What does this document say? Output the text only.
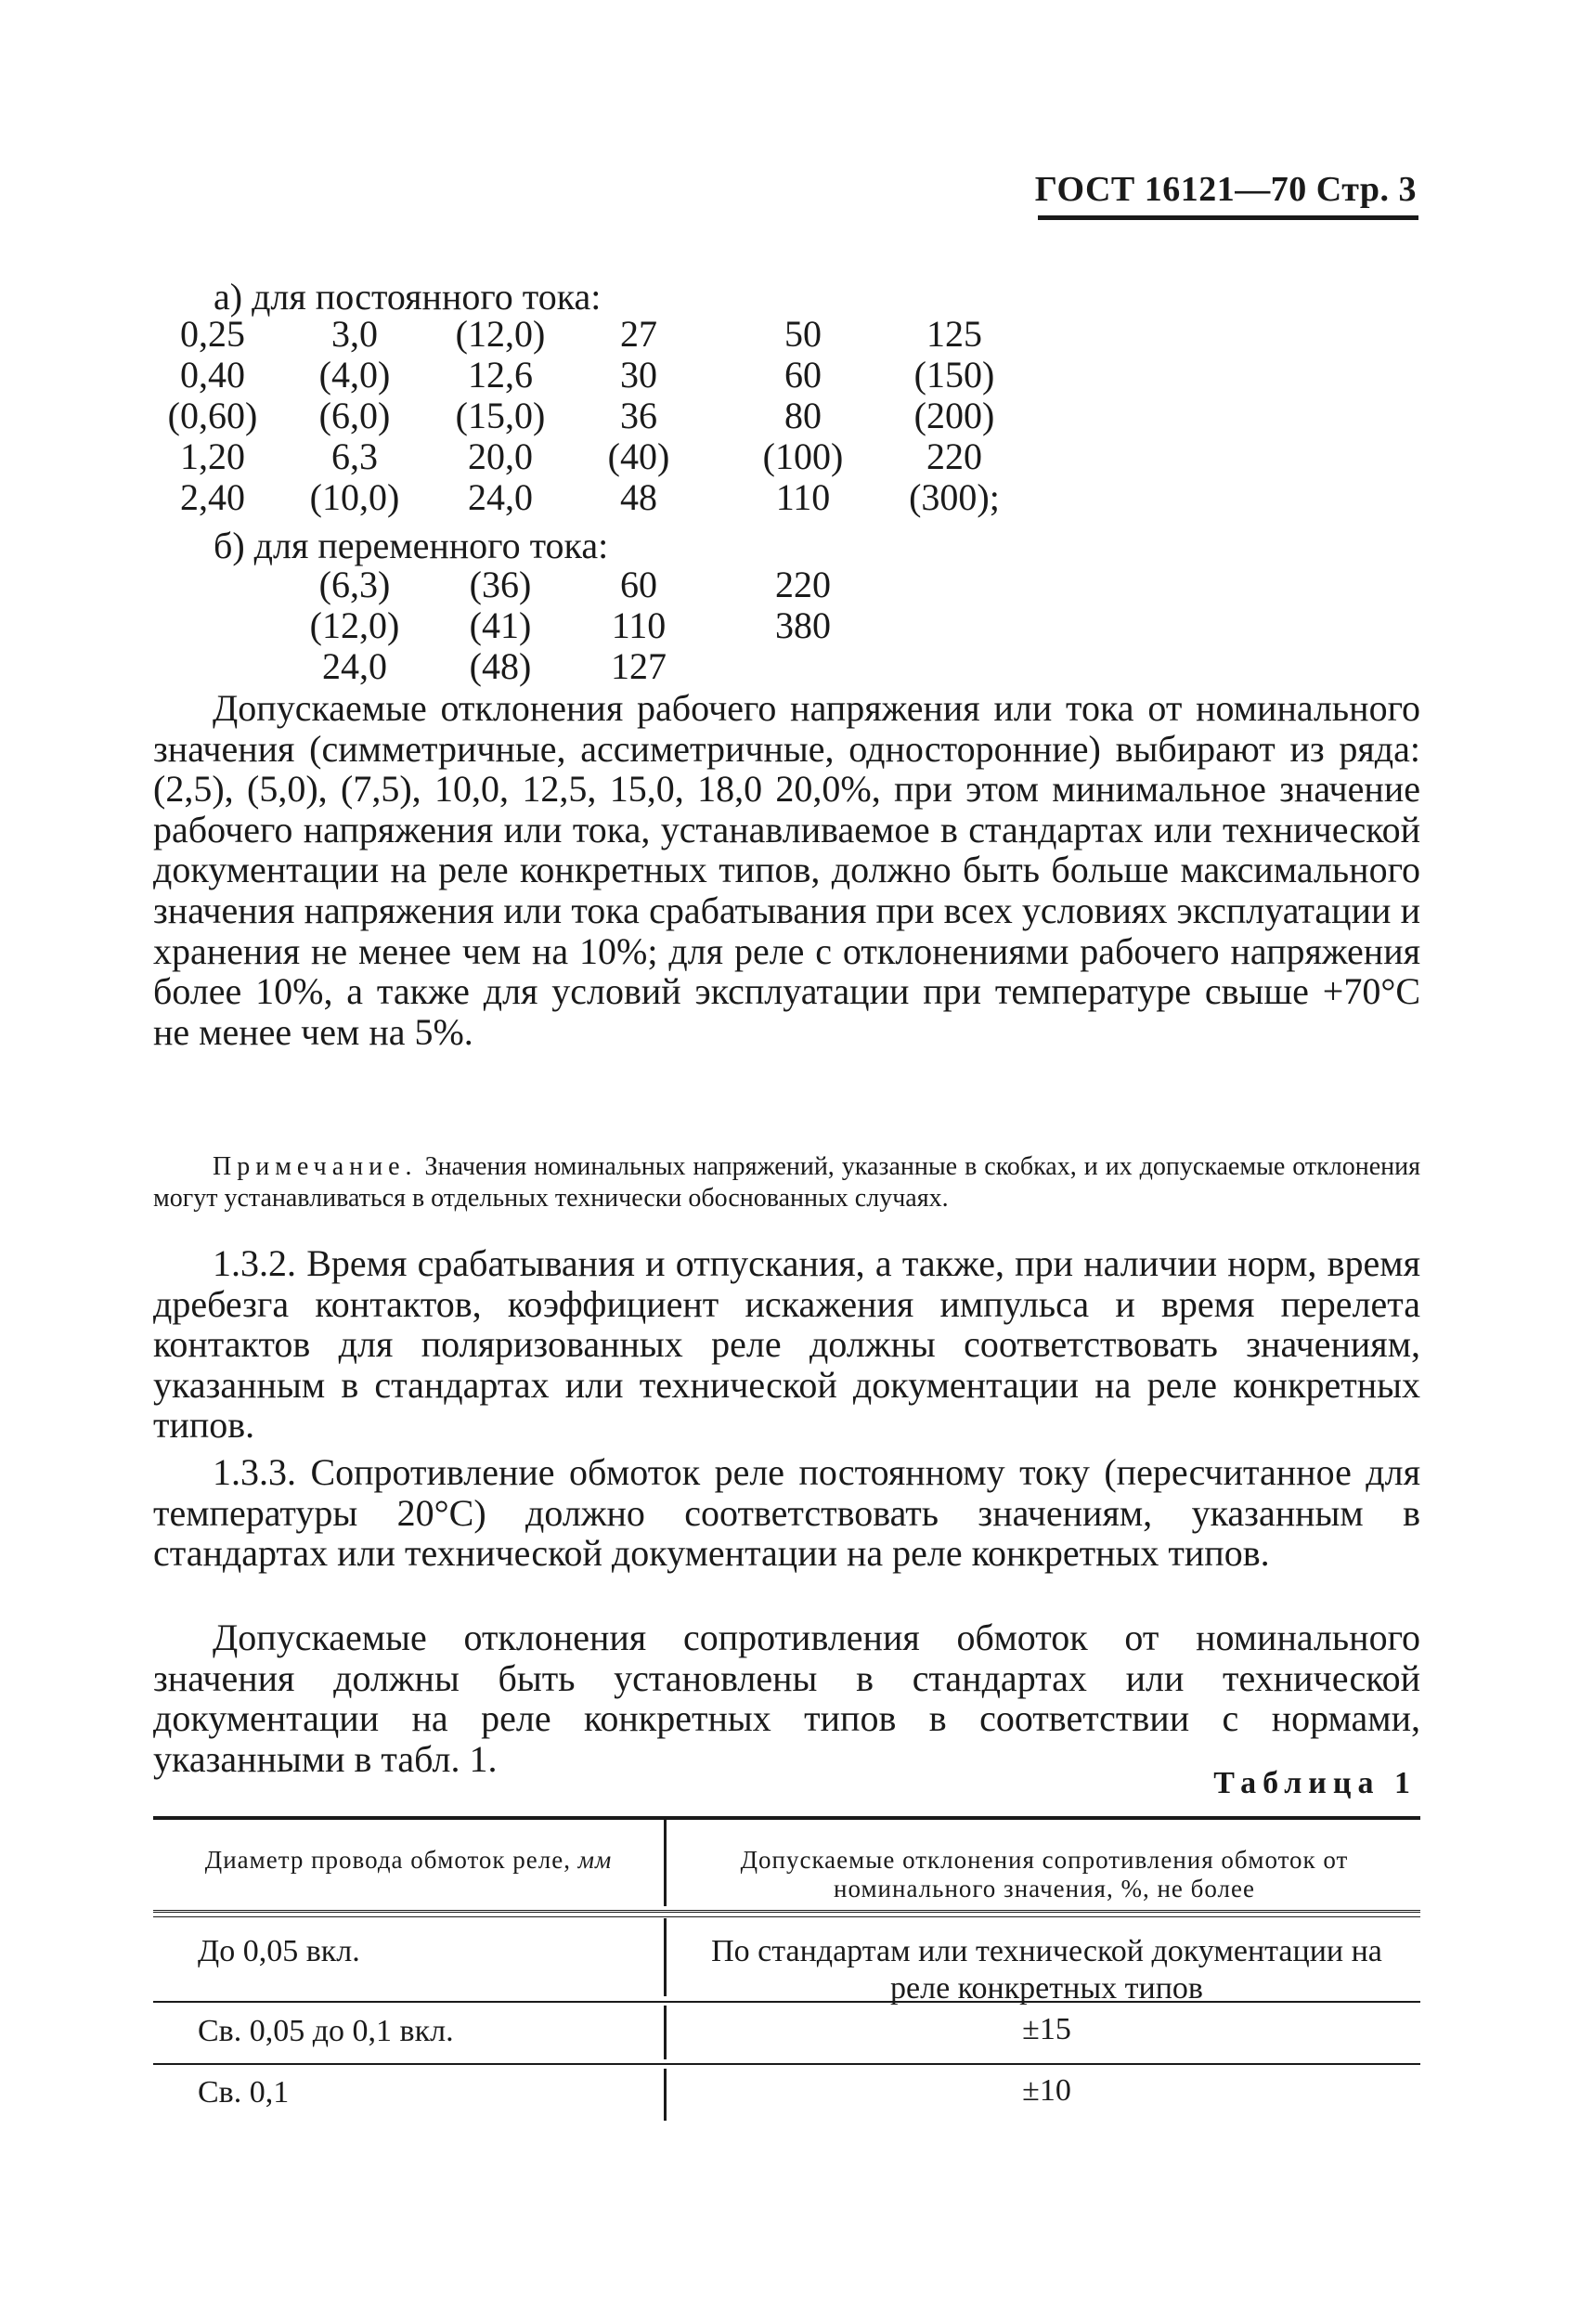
ГОСТ 16121—70 Стр. 3
а) для постоянного тока:
0,25	3,0	(12,0)	27	50	125
0,40	(4,0)	12,6	30	60	(150)
(0,60)	(6,0)	(15,0)	36	80	(200)
1,20	6,3	20,0	(40)	(100)	220
2,40	(10,0)	24,0	48	110	(300);
б) для переменного тока:
(6,3)	(36)	60	220
(12,0)	(41)	110	380
24,0	(48)	127
Допускаемые отклонения рабочего напряжения или тока от номинального значения (симметричные, ассиметричные, односторонние) выбирают из ряда: (2,5), (5,0), (7,5), 10,0, 12,5, 15,0, 18,0 20,0%, при этом минимальное значение рабочего напряжения или тока, устанавливаемое в стандартах или технической документации на реле конкретных типов, должно быть больше максимального значения напряжения или тока срабатывания при всех условиях эксплуатации и хранения не менее чем на 10%; для реле с отклонениями рабочего напряжения более 10%, а также для условий эксплуатации при температуре свыше +70°С не менее чем на 5%.
Примечание. Значения номинальных напряжений, указанные в скобках, и их допускаемые отклонения могут устанавливаться в отдельных технически обоснованных случаях.
1.3.2. Время срабатывания и отпускания, а также, при наличии норм, время дребезга контактов, коэффициент искажения импульса и время перелета контактов для поляризованных реле должны соответствовать значениям, указанным в стандартах или технической документации на реле конкретных типов.
1.3.3. Сопротивление обмоток реле постоянному току (пересчитанное для температуры 20°С) должно соответствовать значениям, указанным в стандартах или технической документации на реле конкретных типов.
Допускаемые отклонения сопротивления обмоток от номинального значения должны быть установлены в стандартах или технической документации на реле конкретных типов в соответствии с нормами, указанными в табл. 1.
Таблица 1
Диаметр провода обмоток реле, мм	Допускаемые отклонения сопротивления обмоток от номинального значения, %, не более
До 0,05 вкл.	По стандартам или технической документации на реле конкретных типов
Св. 0,05 до 0,1 вкл.	±15
Св. 0,1	±10
